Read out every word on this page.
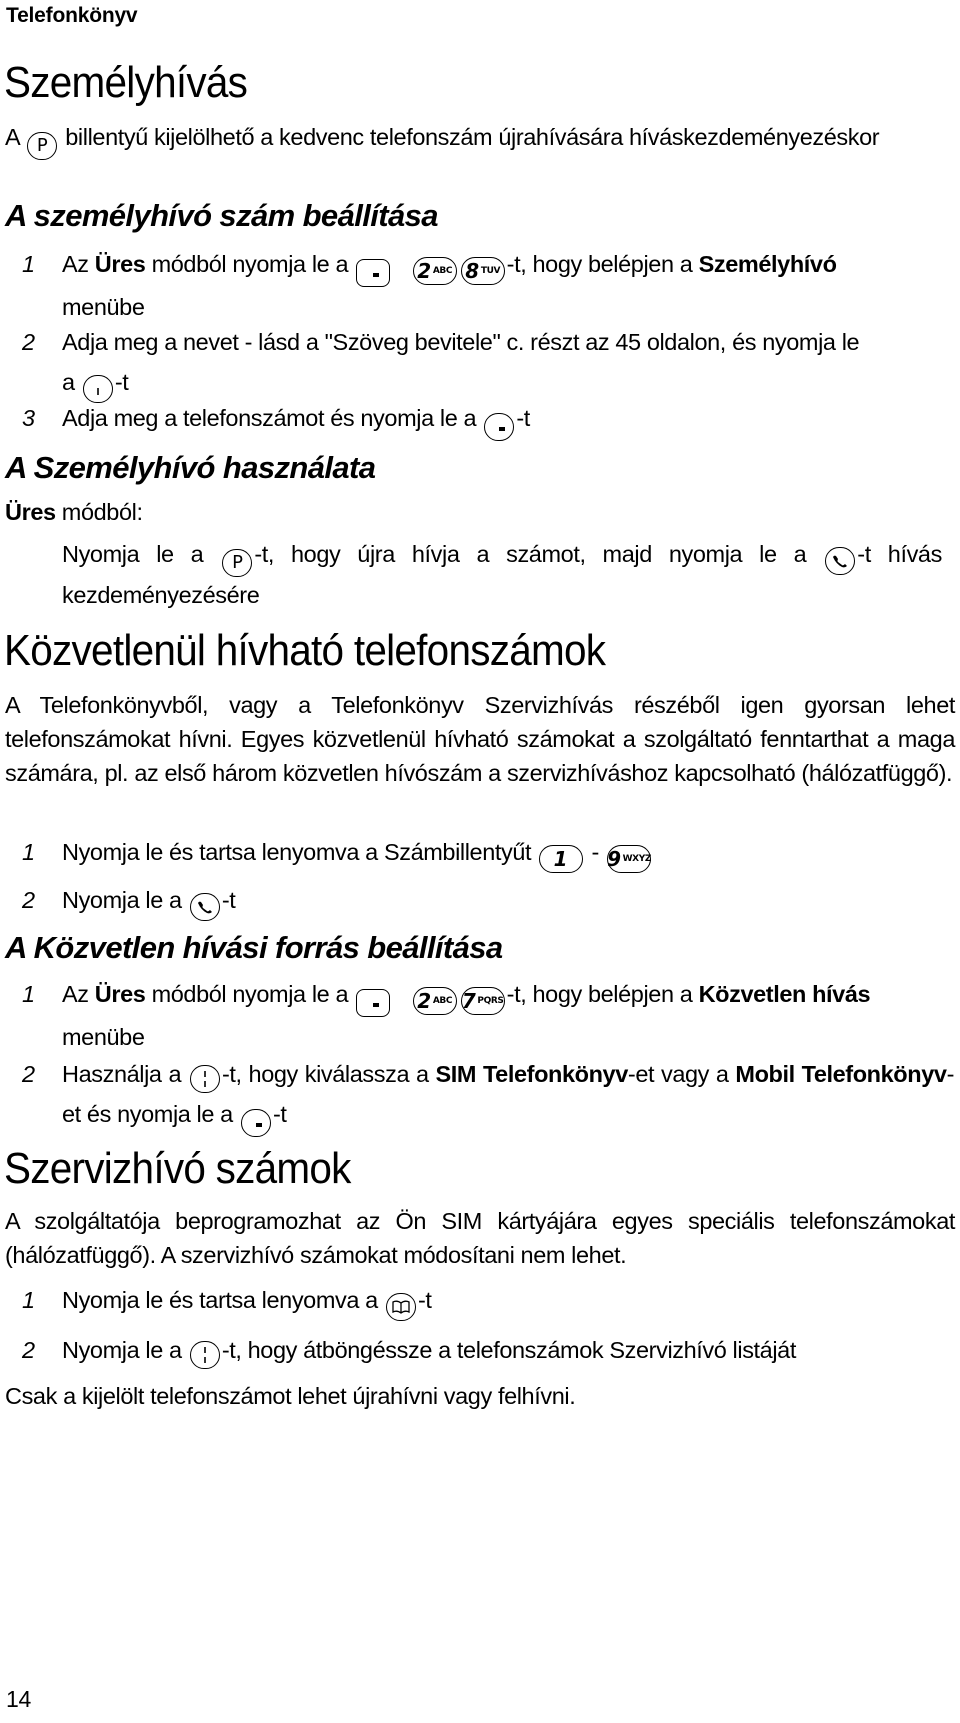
Telefonkönyv
Személyhívás
A P billentyű kijelölhető a kedvenc telefonszám újrahívására híváskezdeményezéskor
A személyhívó szám beállítása
1 Az Üres módból nyomja le a
	2 ABC 8 TUV -t, hogy belépjen a Személyhívó
menübe
2 Adja meg a nevet - lásd a "Szöveg bevitele" c. részt az 45 oldalon, és nyomja le
a -t
3 Adja meg a telefonszámot és nyomja le a -t
A Személyhívó használata
Üres módból:
Nyomja le a P -t, hogy újra hívja a számot, majd nyomja le a -t hívás kezdeményezésére
Közvetlenül hívható telefonszámok
A Telefonkönyvből, vagy a Telefonkönyv Szervizhívás részéből igen gyorsan lehet telefonszámokat hívni. Egyes közvetlenül hívható számokat a szolgáltató fenntarthat a maga számára, pl. az első három közvetlen hívószám a szervizhíváshoz kapcsolható (hálózatfüggő).
1 Nyomja le és tartsa lenyomva a Számbillentyűt 1 - 9 WXYZ
2 Nyomja le a -t
A Közvetlen hívási forrás beállítása
1 Az Üres módból nyomja le a
	2 ABC 7 PQRS -t, hogy belépjen a Közvetlen hívás
menübe
2 Használja a -t, hogy kiválassza a SIM Telefonkönyv-et vagy a Mobil Telefonkönyv-et és nyomja le a -t
Szervizhívó számok
A szolgáltatója beprogramozhat az Ön SIM kártyájára egyes speciális telefonszámokat (hálózatfüggő). A szervizhívó számokat módosítani nem lehet.
1 Nyomja le és tartsa lenyomva a -t
2 Nyomja le a -t, hogy átböngéssze a telefonszámok Szervizhívó listáját
Csak a kijelölt telefonszámot lehet újrahívni vagy felhívni.
14
